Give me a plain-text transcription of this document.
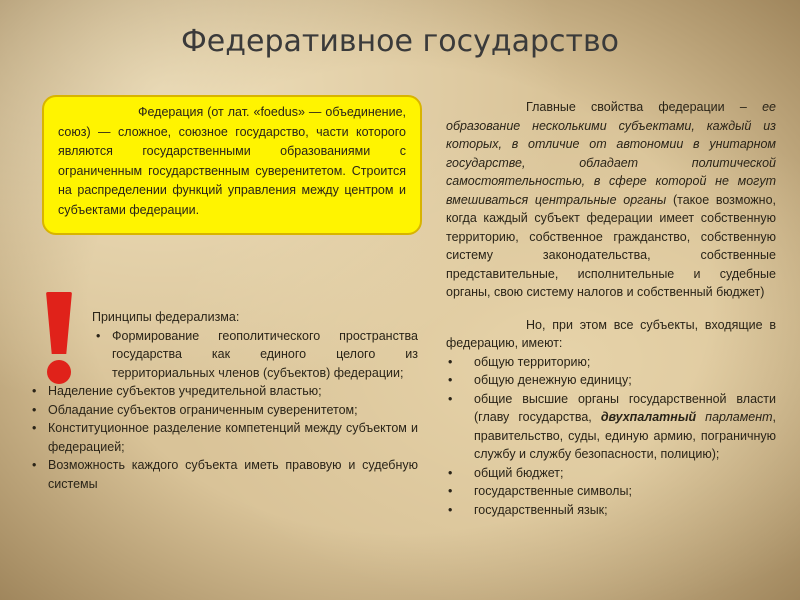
Федеративное государство
Федерация (от лат. «foedus» — объединение, союз) — сложное, союзное государство, части которого являются государственными образованиями с ограниченным государственным суверенитетом. Строится на распределении функций управления между центром и субъектами федерации.
Принципы федерализма:
• Формирование геополитического пространства государства как единого целого из территориальных членов (субъектов) федерации;
• Наделение субъектов учредительной властью;
• Обладание субъектов ограниченным суверенитетом;
• Конституционное разделение компетенций между субъектом и федерацией;
• Возможность каждого субъекта иметь правовую и судебную системы
Главные свойства федерации – ее образование несколькими субъектами, каждый из которых, в отличие от автономии в унитарном государстве, обладает политической самостоятельностью, в сфере которой не могут вмешиваться центральные органы (такое возможно, когда каждый субъект федерации имеет собственную территорию, собственное гражданство, собственную систему законодательства, собственные представительные, исполнительные и судебные органы, свою систему налогов и собственный бюджет)
Но, при этом все субъекты, входящие в федерацию, имеют:
• общую территорию;
• общую денежную единицу;
• общие высшие органы государственной власти (главу государства, двухпалатный парламент, правительство, суды, единую армию, пограничную службу и службу безопасности, полицию);
• общий бюджет;
• государственные символы;
• государственный язык;
